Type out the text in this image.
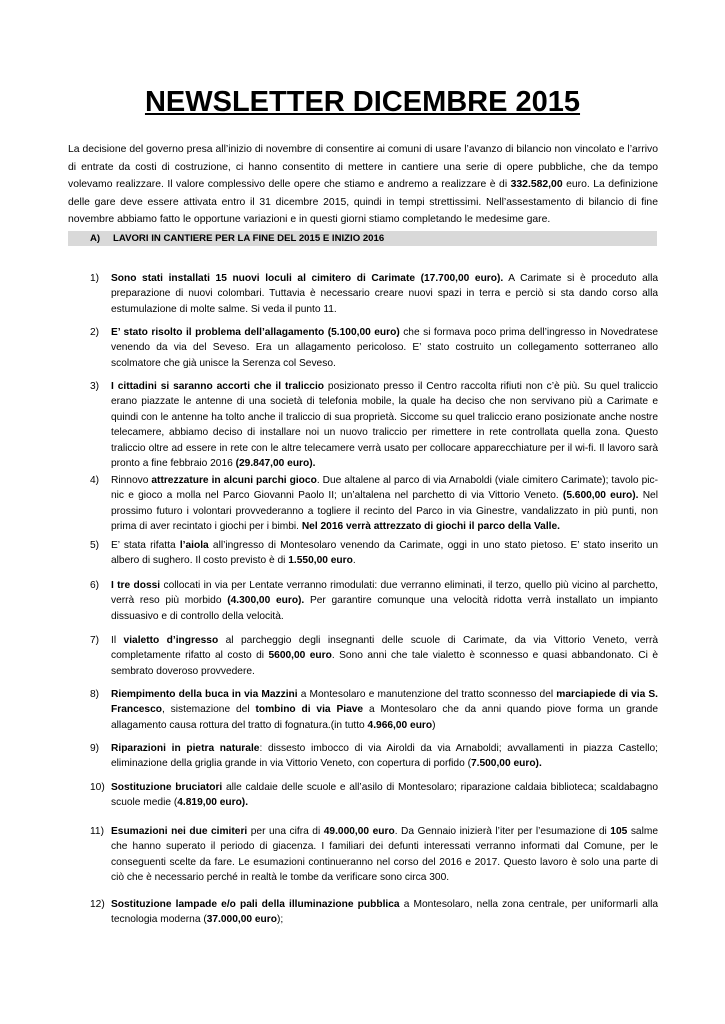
NEWSLETTER DICEMBRE 2015
La decisione del governo presa all’inizio di novembre di consentire ai comuni di usare l’avanzo di bilancio non vincolato e l’arrivo di entrate da costi di costruzione, ci hanno consentito di mettere in cantiere una serie di opere pubbliche, che da tempo volevamo realizzare. Il valore complessivo delle opere che stiamo e andremo a realizzare è di 332.582,00 euro. La definizione delle gare deve essere attivata entro il 31 dicembre 2015, quindi in tempi strettissimi. Nell’assestamento di bilancio di fine novembre abbiamo fatto le opportune variazioni e in questi giorni stiamo completando le medesime gare.
A) LAVORI IN CANTIERE PER LA FINE DEL 2015 E INIZIO 2016
1) Sono stati installati 15 nuovi loculi al cimitero di Carimate (17.700,00 euro). A Carimate si è proceduto alla preparazione di nuovi colombari. Tuttavia è necessario creare nuovi spazi in terra e perciò si sta dando corso alla estumulazione di molte salme. Si veda il punto 11.
2) E’ stato risolto il problema dell’allagamento (5.100,00 euro) che si formava poco prima dell’ingresso in Novedratese venendo da via del Seveso. Era un allagamento pericoloso. E’ stato costruito un collegamento sotterraneo allo scolmatore che già unisce la Serenza col Seveso.
3) I cittadini si saranno accorti che il traliccio posizionato presso il Centro raccolta rifiuti non c’è più. Su quel traliccio erano piazzate le antenne di una società di telefonia mobile, la quale ha deciso che non servivano più a Carimate e quindi con le antenne ha tolto anche il traliccio di sua proprietà. Siccome su quel traliccio erano posizionate anche nostre telecamere, abbiamo deciso di installare noi un nuovo traliccio per rimettere in rete controllata quella zona. Questo traliccio oltre ad essere in rete con le altre telecamere verrà usato per collocare apparecchiature per il wi-fi. Il lavoro sarà pronto a fine febbraio 2016 (29.847,00 euro).
4) Rinnovo attrezzature in alcuni parchi gioco. Due altalene al parco di via Arnaboldi (viale cimitero Carimate); tavolo pic-nic e gioco a molla nel Parco Giovanni Paolo II; un’altalena nel parchetto di via Vittorio Veneto. (5.600,00 euro). Nel prossimo futuro i volontari provvederanno a togliere il recinto del Parco in via Ginestre, vandalizzato in più punti, non prima di aver recintato i giochi per i bimbi. Nel 2016 verrà attrezzato di giochi il parco della Valle.
5) E’ stata rifatta l’aiola all’ingresso di Montesolaro venendo da Carimate, oggi in uno stato pietoso. E’ stato inserito un albero di sughero. Il costo previsto è di 1.550,00 euro.
6) I tre dossi collocati in via per Lentate verranno rimodulati: due verranno eliminati, il terzo, quello più vicino al parchetto, verrà reso più morbido (4.300,00 euro). Per garantire comunque una velocità ridotta verrà installato un impianto dissuasivo e di controllo della velocità.
7) Il vialetto d’ingresso al parcheggio degli insegnanti delle scuole di Carimate, da via Vittorio Veneto, verrà completamente rifatto al costo di 5600,00 euro. Sono anni che tale vialetto è sconnesso e quasi abbandonato. Ci è sembrato doveroso provvedere.
8) Riempimento della buca in via Mazzini a Montesolaro e manutenzione del tratto sconnesso del marciapiede di via S. Francesco, sistemazione del tombino di via Piave a Montesolaro che da anni quando piove forma un grande allagamento causa rottura del tratto di fognatura.(in tutto 4.966,00 euro)
9) Riparazioni in pietra naturale: dissesto imbocco di via Airoldi da via Arnaboldi; avvallamenti in piazza Castello; eliminazione della griglia grande in via Vittorio Veneto, con copertura di porfido (7.500,00 euro).
10) Sostituzione bruciatori alle caldaie delle scuole e all’asilo di Montesolaro; riparazione caldaia biblioteca; scaldabagno scuole medie (4.819,00 euro).
11) Esumazioni nei due cimiteri per una cifra di 49.000,00 euro. Da Gennaio inizierà l’iter per l’esumazione di 105 salme che hanno superato il periodo di giacenza. I familiari dei defunti interessati verranno informati dal Comune, per le conseguenti scelte da fare. Le esumazioni continueranno nel corso del 2016 e 2017. Questo lavoro è solo una parte di ciò che è necessario perché in realtà le tombe da verificare sono circa 300.
12) Sostituzione lampade e/o pali della illuminazione pubblica a Montesolaro, nella zona centrale, per uniformarli alla tecnologia moderna (37.000,00 euro);
